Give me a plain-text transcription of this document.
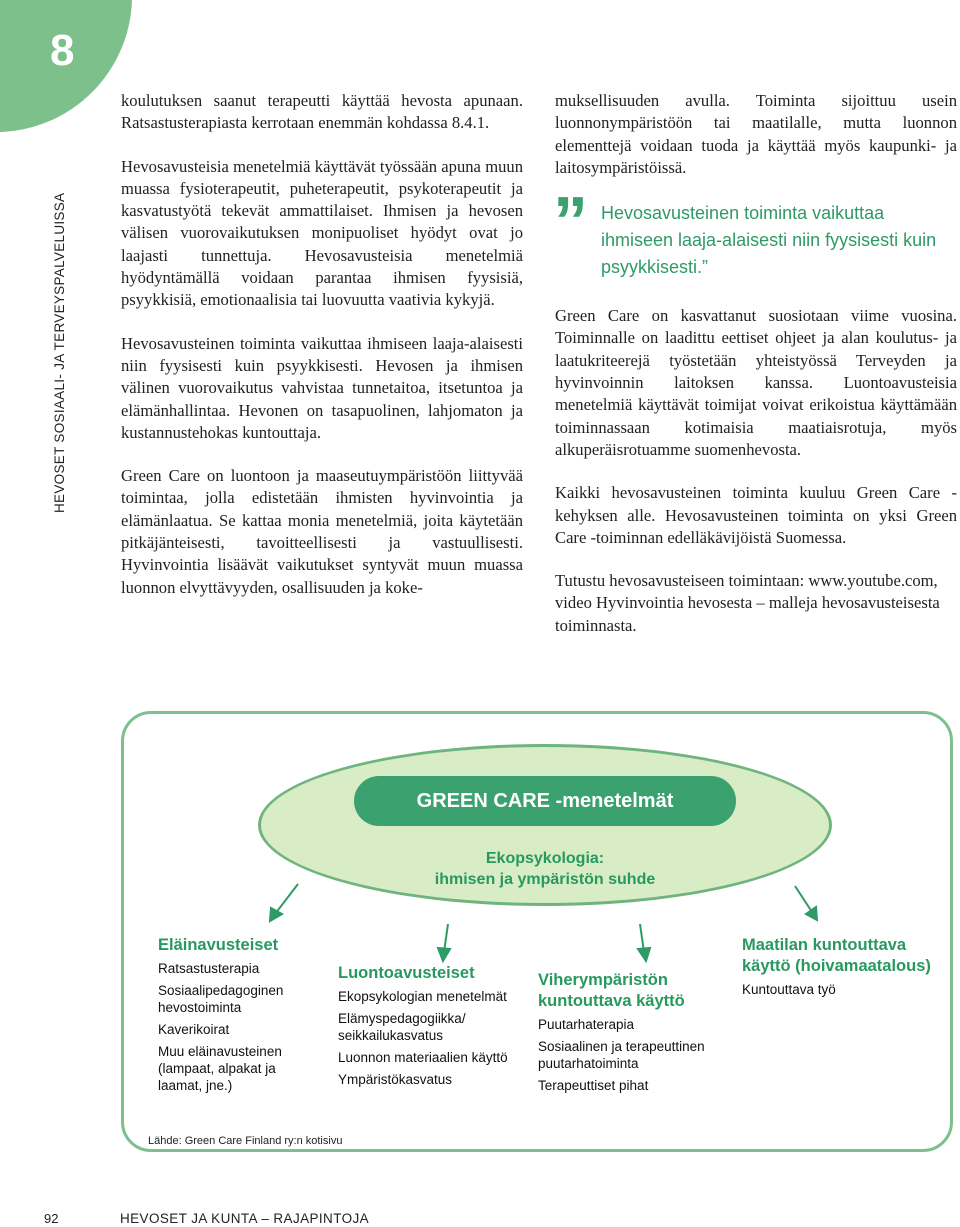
8
HEVOSET SOSIAALI- JA TERVEYSPALVELUISSA

koulutuksen saanut terapeutti käyttää hevosta apunaan. Ratsastusterapiasta kerrotaan enemmän kohdassa 8.4.1.

Hevosavusteisia menetelmiä käyttävät työssään apuna muun muassa fysioterapeutit, puheterapeutit, psykoterapeutit ja kasvatustyötä tekevät ammattilaiset. Ihmisen ja hevosen välisen vuorovaikutuksen monipuoliset hyödyt ovat jo laajasti tunnettuja. Hevosavusteisia menetelmiä hyödyntämällä voidaan parantaa ihmisen fyysisiä, psyykkisiä, emotionaalisia tai luovuutta vaativia kykyjä.

Hevosavusteinen toiminta vaikuttaa ihmiseen laaja-alaisesti niin fyysisesti kuin psyykkisesti. Hevosen ja ihmisen välinen vuorovaikutus vahvistaa tunnetaitoa, itsetuntoa ja elämänhallintaa. Hevonen on tasapuolinen, lahjomaton ja kustannustehokas kuntouttaja.

Green Care on luontoon ja maaseutuympäristöön liittyvää toimintaa, jolla edistetään ihmisten hyvinvointia ja elämänlaatua. Se kattaa monia menetelmiä, joita käytetään pitkäjänteisesti, tavoitteellisesti ja vastuullisesti. Hyvinvointia lisäävät vaikutukset syntyvät muun muassa luonnon elvyttävyyden, osallisuuden ja koke-

muksellisuuden avulla. Toiminta sijoittuu usein luonnonympäristöön tai maatilalle, mutta luonnon elementtejä voidaan tuoda ja käyttää myös kaupunki- ja laitosympäristöissä.

” Hevosavusteinen toiminta vaikuttaa ihmiseen laaja-alaisesti niin fyysisesti kuin psyykkisesti.”

Green Care on kasvattanut suosiotaan viime vuosina. Toiminnalle on laadittu eettiset ohjeet ja alan koulutus- ja laatukriteerejä työstetään yhteistyössä Terveyden ja hyvinvoinnin laitoksen kanssa. Luontoavusteisia menetelmiä käyttävät toimijat voivat erikoistua käyttämään toiminnassaan kotimaisia maatiaisrotuja, myös alkuperäisrotuamme suomenhevosta.

Kaikki hevosavusteinen toiminta kuuluu Green Care -kehyksen alle. Hevosavusteinen toiminta on yksi Green Care -toiminnan edelläkävijöistä Suomessa.

Tutustu hevosavusteiseen toimintaan: www.youtube.com, video Hyvinvointia hevosesta – malleja hevosavusteisesta toiminnasta.

GREEN CARE -menetelmät
Ekopsykologia:
ihmisen ja ympäristön suhde
Eläinavusteiset
Ratsastusterapia
Sosiaalipedagoginen hevostoiminta
Kaverikoirat
Muu eläinavusteinen (lampaat, alpakat ja laamat, jne.)
Luontoavusteiset
Ekopsykologian menetelmät
Elämyspedagogiikka/ seikkailukasvatus
Luonnon materiaalien käyttö
Ympäristökasvatus
Viherympäristön kuntouttava käyttö
Puutarhaterapia
Sosiaalinen ja terapeuttinen puutarhatoiminta
Terapeuttiset pihat
Maatilan kuntouttava käyttö (hoivamaatalous)
Kuntouttava työ
Lähde: Green Care Finland ry:n kotisivu
92	HEVOSET JA KUNTA – RAJAPINTOJA
